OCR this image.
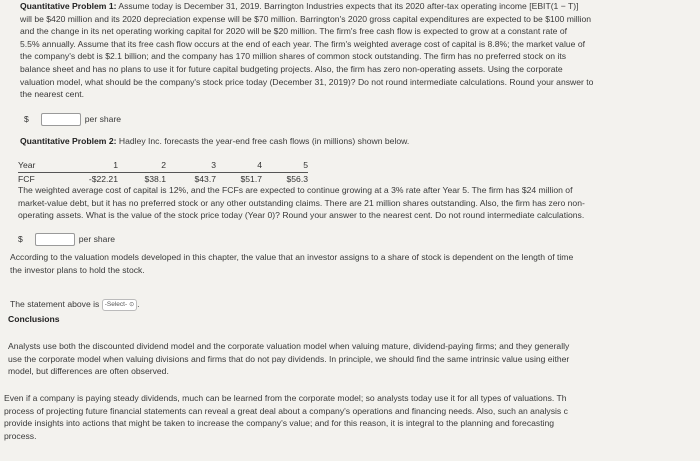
Quantitative Problem 1: Assume today is December 31, 2019. Barrington Industries expects that its 2020 after-tax operating income [EBIT(1 − T)]
will be $420 million and its 2020 depreciation expense will be $70 million. Barrington's 2020 gross capital expenditures are expected to be $100 million
and the change in its net operating working capital for 2020 will be $20 million. The firm's free cash flow is expected to grow at a constant rate of
5.5% annually. Assume that its free cash flow occurs at the end of each year. The firm's weighted average cost of capital is 8.8%; the market value of
the company's debt is $2.1 billion; and the company has 170 million shares of common stock outstanding. The firm has no preferred stock on its
balance sheet and has no plans to use it for future capital budgeting projects. Also, the firm has zero non-operating assets. Using the corporate
valuation model, what should be the company's stock price today (December 31, 2019)? Do not round intermediate calculations. Round your answer to
the nearest cent.
$	per share
Quantitative Problem 2: Hadley Inc. forecasts the year-end free cash flows (in millions) shown below.
Year	1	2	3	4	5
FCF	-$22.21	$38.1	$43.7	$51.7	$56.3
The weighted average cost of capital is 12%, and the FCFs are expected to continue growing at a 3% rate after Year 5. The firm has $24 million of
market-value debt, but it has no preferred stock or any other outstanding claims. There are 21 million shares outstanding. Also, the firm has zero non-
operating assets. What is the value of the stock price today (Year 0)? Round your answer to the nearest cent. Do not round intermediate calculations.
$	per share
According to the valuation models developed in this chapter, the value that an investor assigns to a share of stock is dependent on the length of time
the investor plans to hold the stock.
The statement above is -Select- ⊙ .
Conclusions
Analysts use both the discounted dividend model and the corporate valuation model when valuing mature, dividend-paying firms; and they generally
use the corporate model when valuing divisions and firms that do not pay dividends. In principle, we should find the same intrinsic value using either
model, but differences are often observed.
Even if a company is paying steady dividends, much can be learned from the corporate model; so analysts today use it for all types of valuations. Th
process of projecting future financial statements can reveal a great deal about a company's operations and financing needs. Also, such an analysis c
provide insights into actions that might be taken to increase the company's value; and for this reason, it is integral to the planning and forecasting
process.
